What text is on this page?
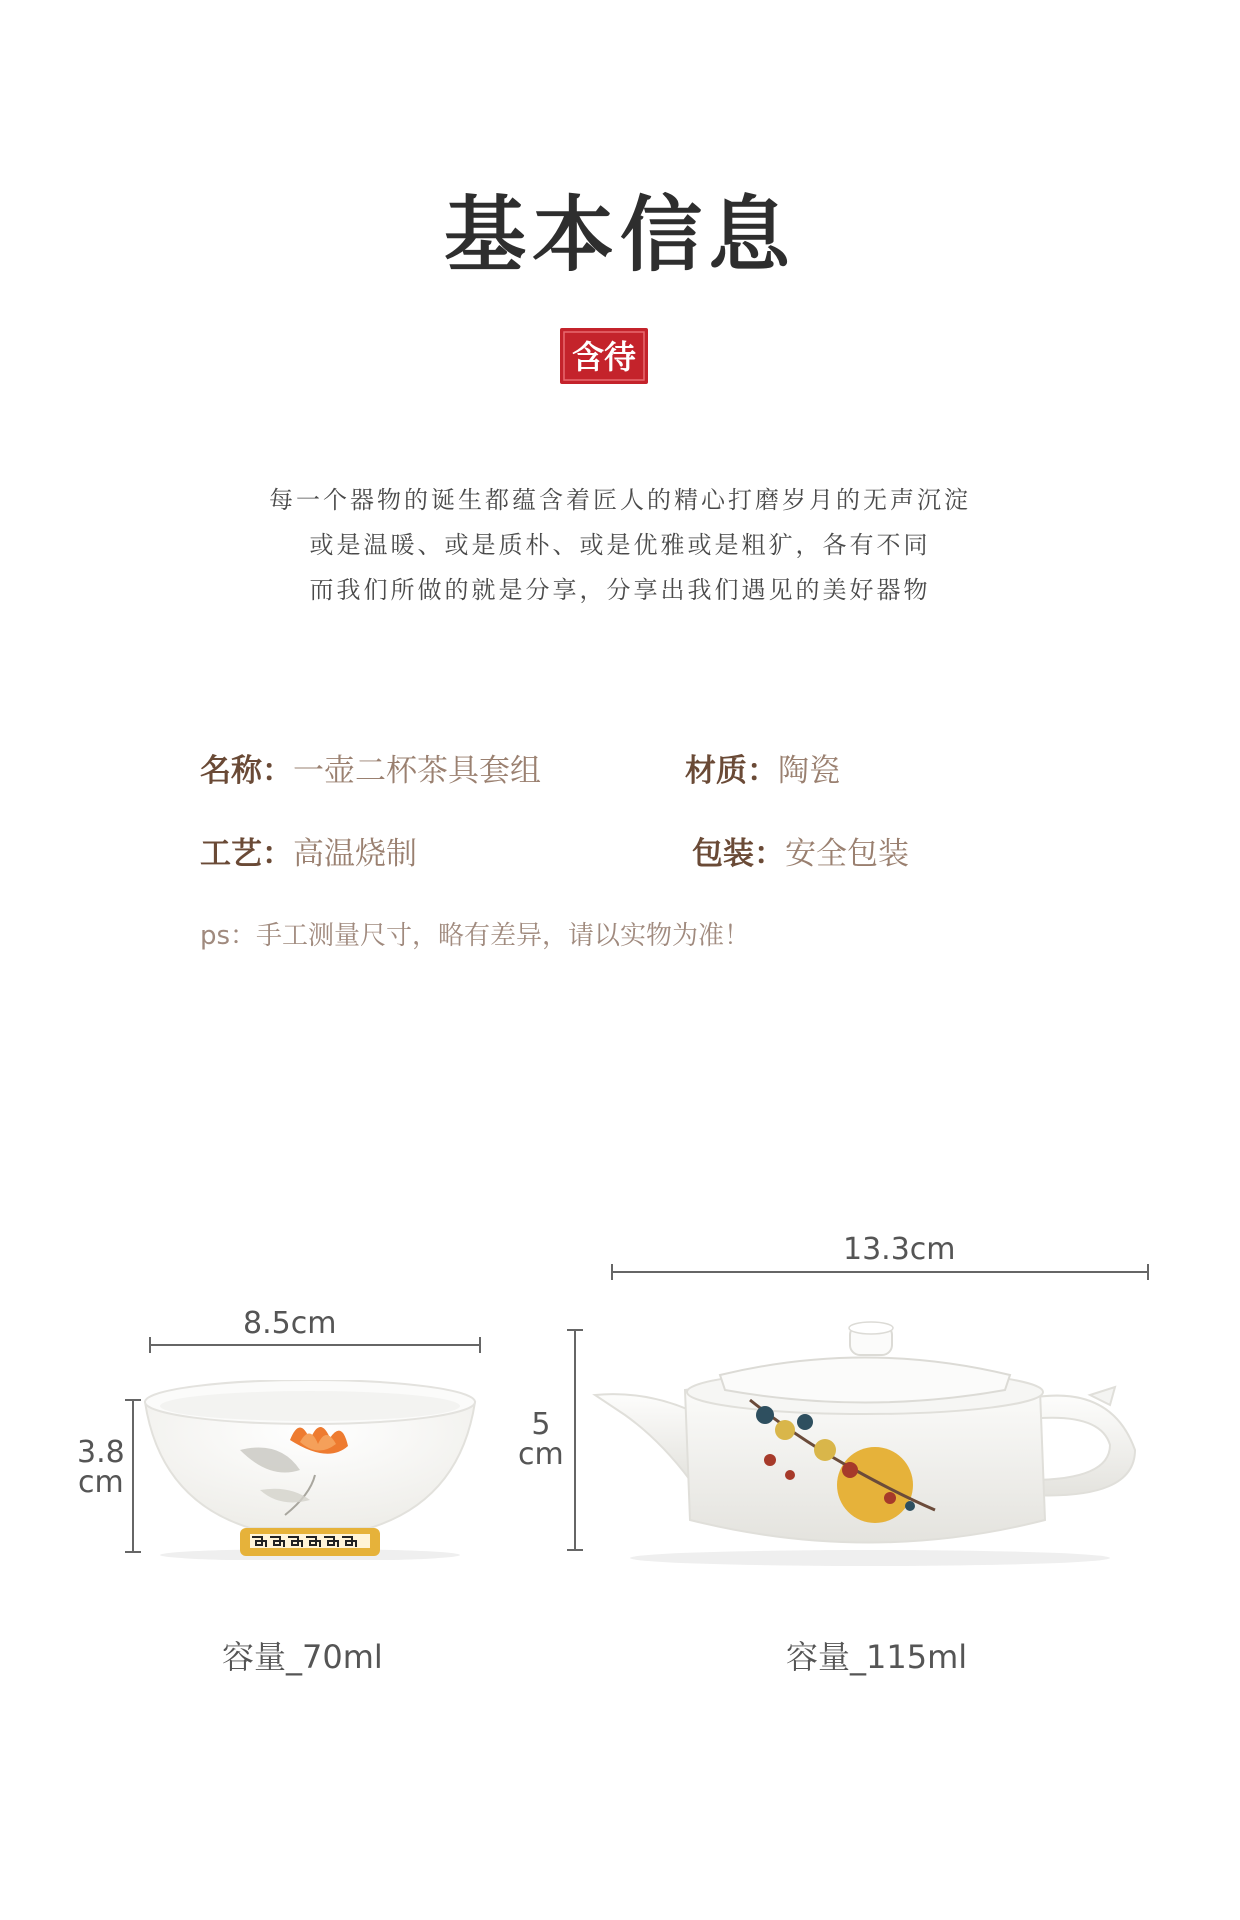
基本信息
含待
每一个器物的诞生都蕴含着匠人的精心打磨岁月的无声沉淀
或是温暖、或是质朴、或是优雅或是粗犷，各有不同
而我们所做的就是分享，分享出我们遇见的美好器物
名称：一壶二杯茶具套组	材质：陶瓷
工艺：高温烧制	包装：安全包装
ps：手工测量尺寸，略有差异，请以实物为准！
8.5cm
3.8
cm
容量_70ml
13.3cm
5
cm
容量_115ml
